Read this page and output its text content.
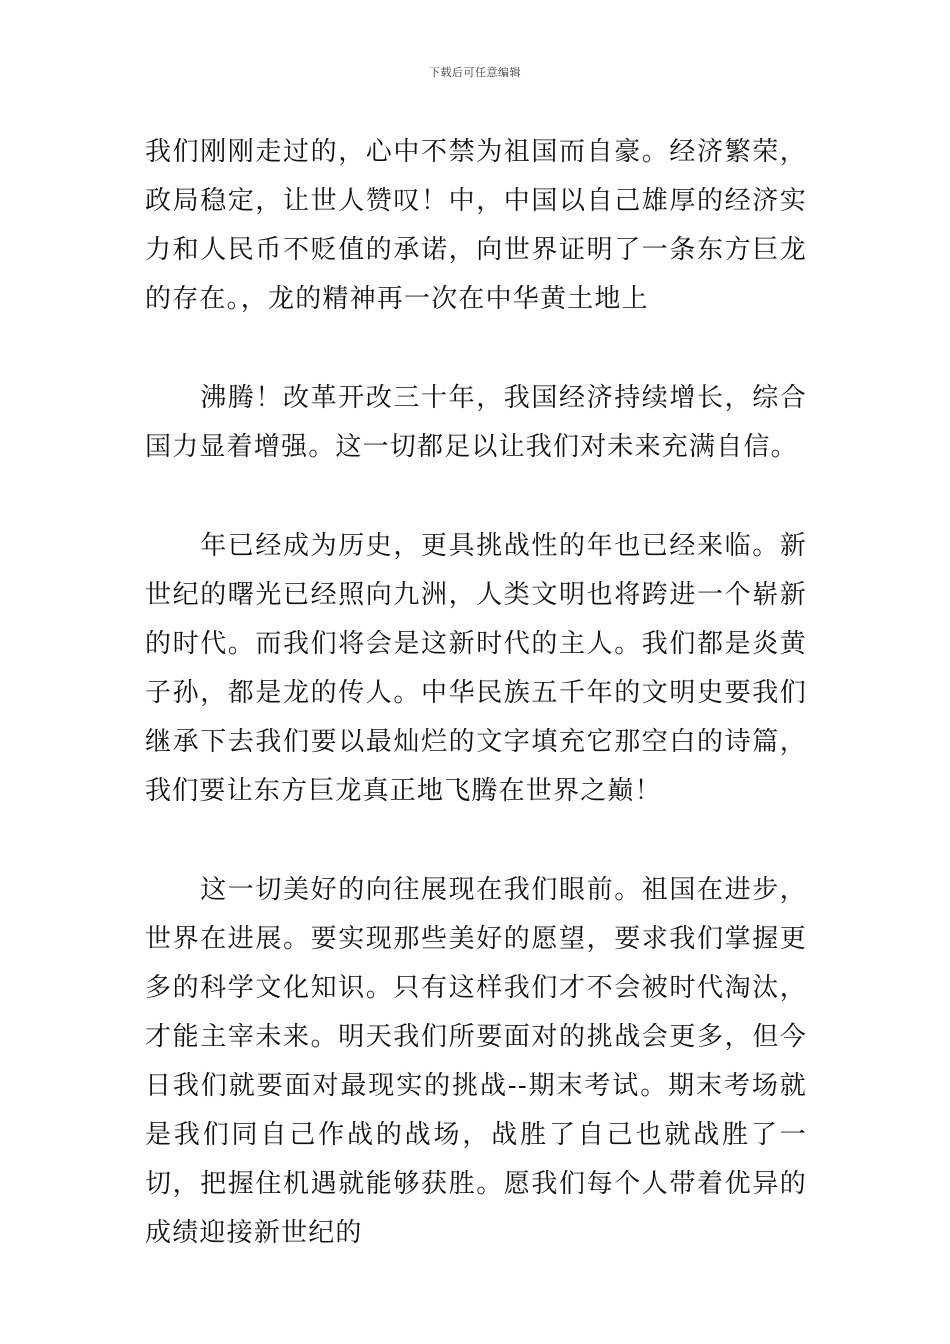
下载后可任意编辑

我们刚刚走过的，心中不禁为祖国而自豪。经济繁荣，政局稳定，让世人赞叹！中，中国以自己雄厚的经济实力和人民币不贬值的承诺，向世界证明了一条东方巨龙的存在。，龙的精神再一次在中华黄土地上

　　沸腾！改革开改三十年，我国经济持续增长，综合国力显着增强。这一切都足以让我们对未来充满自信。

　　年已经成为历史，更具挑战性的年也已经来临。新世纪的曙光已经照向九洲，人类文明也将跨进一个崭新的时代。而我们将会是这新时代的主人。我们都是炎黄子孙，都是龙的传人。中华民族五千年的文明史要我们继承下去我们要以最灿烂的文字填充它那空白的诗篇，我们要让东方巨龙真正地飞腾在世界之巅！

　　这一切美好的向往展现在我们眼前。祖国在进步，世界在进展。要实现那些美好的愿望，要求我们掌握更多的科学文化知识。只有这样我们才不会被时代淘汰，才能主宰未来。明天我们所要面对的挑战会更多，但今日我们就要面对最现实的挑战--期末考试。期末考场就是我们同自己作战的战场，战胜了自己也就战胜了一切，把握住机遇就能够获胜。愿我们每个人带着优异的成绩迎接新世纪的
